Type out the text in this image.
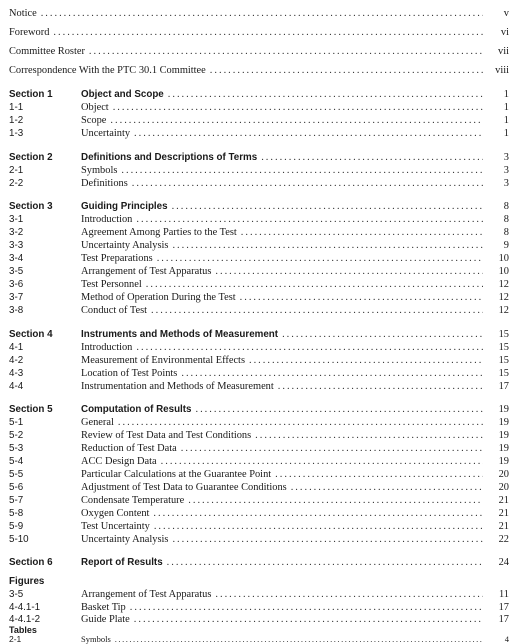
Notice . . .	v
Foreword . . .	vi
Committee Roster . . .	vii
Correspondence With the PTC 30.1 Committee . . .	viii
Section 1	Object and Scope . . .	1
1-1	Object . . .	1
1-2	Scope . . .	1
1-3	Uncertainty . . .	1
Section 2	Definitions and Descriptions of Terms . . .	3
2-1	Symbols . . .	3
2-2	Definitions . . .	3
Section 3	Guiding Principles . . .	8
3-1	Introduction . . .	8
3-2	Agreement Among Parties to the Test . . .	8
3-3	Uncertainty Analysis . . .	9
3-4	Test Preparations . . .	10
3-5	Arrangement of Test Apparatus . . .	10
3-6	Test Personnel . . .	12
3-7	Method of Operation During the Test . . .	12
3-8	Conduct of Test . . .	12
Section 4	Instruments and Methods of Measurement . . .	15
4-1	Introduction . . .	15
4-2	Measurement of Environmental Effects . . .	15
4-3	Location of Test Points . . .	15
4-4	Instrumentation and Methods of Measurement . . .	17
Section 5	Computation of Results . . .	19
5-1	General . . .	19
5-2	Review of Test Data and Test Conditions . . .	19
5-3	Reduction of Test Data . . .	19
5-4	ACC Design Data . . .	19
5-5	Particular Calculations at the Guarantee Point . . .	20
5-6	Adjustment of Test Data to Guarantee Conditions . . .	20
5-7	Condensate Temperature . . .	21
5-8	Oxygen Content . . .	21
5-9	Test Uncertainty . . .	21
5-10	Uncertainty Analysis . . .	22
Section 6	Report of Results . . .	24
Figures
3-5	Arrangement of Test Apparatus . . .	11
4-4.1-1	Basket Tip . . .	17
4-4.1-2	Guide Plate . . .	17
Tables
2-1	Symbols . . .	4
